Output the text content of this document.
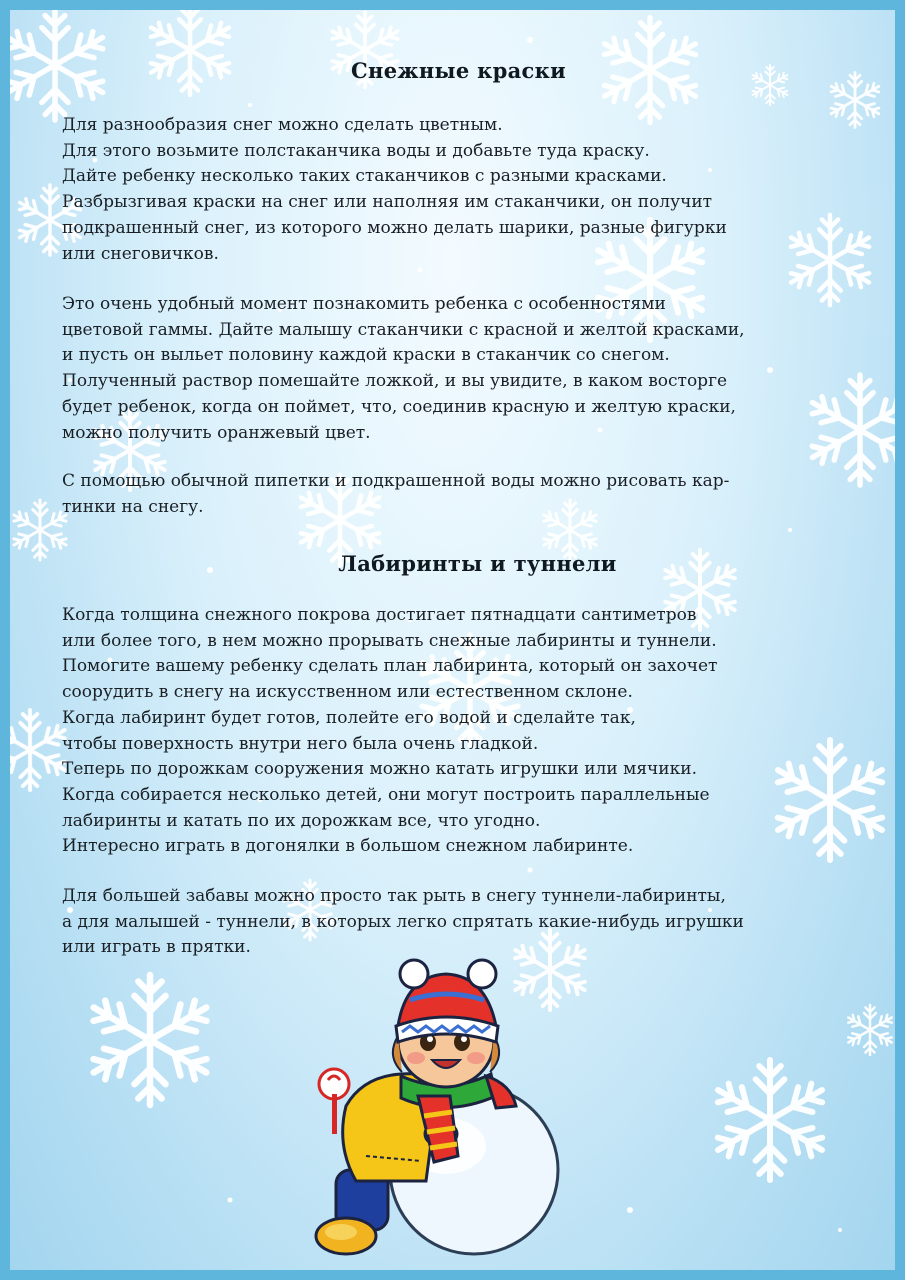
Снежные краски
Для разнообразия снег можно сделать цветным.
Для этого возьмите полстаканчика воды и добавьте туда краску.
Дайте ребенку несколько таких стаканчиков с разными красками.
Разбрызгивая краски на снег или наполняя им стаканчики, он получит
подкрашенный снег, из которого можно делать шарики, разные фигурки
или снеговичков.
Это очень удобный момент познакомить ребенка с особенностями
цветовой гаммы. Дайте малышу стаканчики с красной и желтой красками,
и пусть он выльет половину каждой краски в стаканчик со снегом.
Полученный раствор помешайте ложкой, и вы увидите, в каком восторге
будет ребенок, когда он поймет, что, соединив красную и желтую краски,
можно получить оранжевый цвет.
С помощью обычной пипетки и подкрашенной воды можно рисовать кар-
тинки на снегу.
Лабиринты и туннели
Когда толщина снежного покрова достигает пятнадцати сантиметров
или более того, в нем можно прорывать снежные лабиринты и туннели.
Помогите вашему ребенку сделать план лабиринта, который он захочет
соорудить в снегу на искусственном или естественном склоне.
Когда лабиринт будет готов, полейте его водой и сделайте так,
чтобы поверхность внутри него была очень гладкой.
Теперь по дорожкам сооружения можно катать игрушки или мячики.
Когда собирается несколько детей, они могут построить параллельные
лабиринты и катать по их дорожкам все, что угодно.
Интересно играть в догонялки в большом снежном лабиринте.
Для большей забавы можно просто так рыть в снегу туннели-лабиринты,
а для малышей - туннели, в которых легко спрятать какие-нибудь игрушки
или играть в прятки.
